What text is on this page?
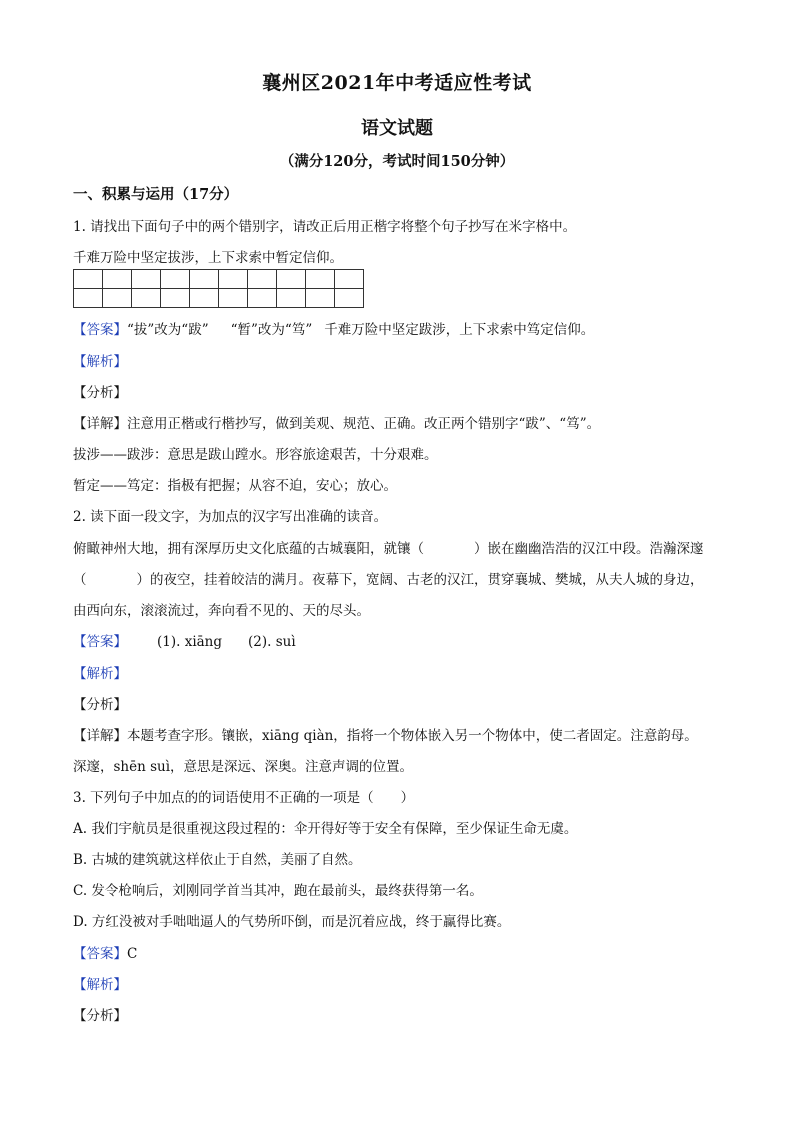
襄州区2021年中考适应性考试
语文试题
（满分120分，考试时间150分钟）
一、积累与运用（17分）
1. 请找出下面句子中的两个错别字，请改正后用正楷字将整个句子抄写在米字格中。
千难万险中坚定拔涉，上下求索中暂定信仰。

【答案】“拔”改为“跋” “暂”改为“笃” 千难万险中坚定跋涉，上下求索中笃定信仰。
【解析】
【分析】
【详解】注意用正楷或行楷抄写，做到美观、规范、正确。改正两个错别字“跋”、“笃”。
拔涉——跋涉：意思是跋山蹚水。形容旅途艰苦，十分艰难。
暂定——笃定：指极有把握；从容不迫，安心；放心。
2. 读下面一段文字，为加点的汉字写出准确的读音。
俯瞰神州大地，拥有深厚历史文化底蕴的古城襄阳，就镶（	）嵌在幽幽浩浩的汉江中段。浩瀚深邃
（	）的夜空，挂着皎洁的满月。夜幕下，宽阔、古老的汉江，贯穿襄城、樊城，从夫人城的身边，
由西向东，滚滚流过，奔向看不见的、天的尽头。
【答案】 (1). xiāng (2). suì
【解析】
【分析】
【详解】本题考查字形。镶嵌，xiāng qiàn，指将一个物体嵌入另一个物体中，使二者固定。注意韵母。
深邃，shēn suì，意思是深远、深奥。注意声调的位置。
3. 下列句子中加点的的词语使用不正确的一项是（　　）
A. 我们宇航员是很重视这段过程的：伞开得好等于安全有保障，至少保证生命无虞。
B. 古城的建筑就这样依止于自然，美丽了自然。
C. 发令枪响后，刘刚同学首当其冲，跑在最前头，最终获得第一名。
D. 方红没被对手咄咄逼人的气势所吓倒，而是沉着应战，终于赢得比赛。
【答案】C
【解析】
【分析】
